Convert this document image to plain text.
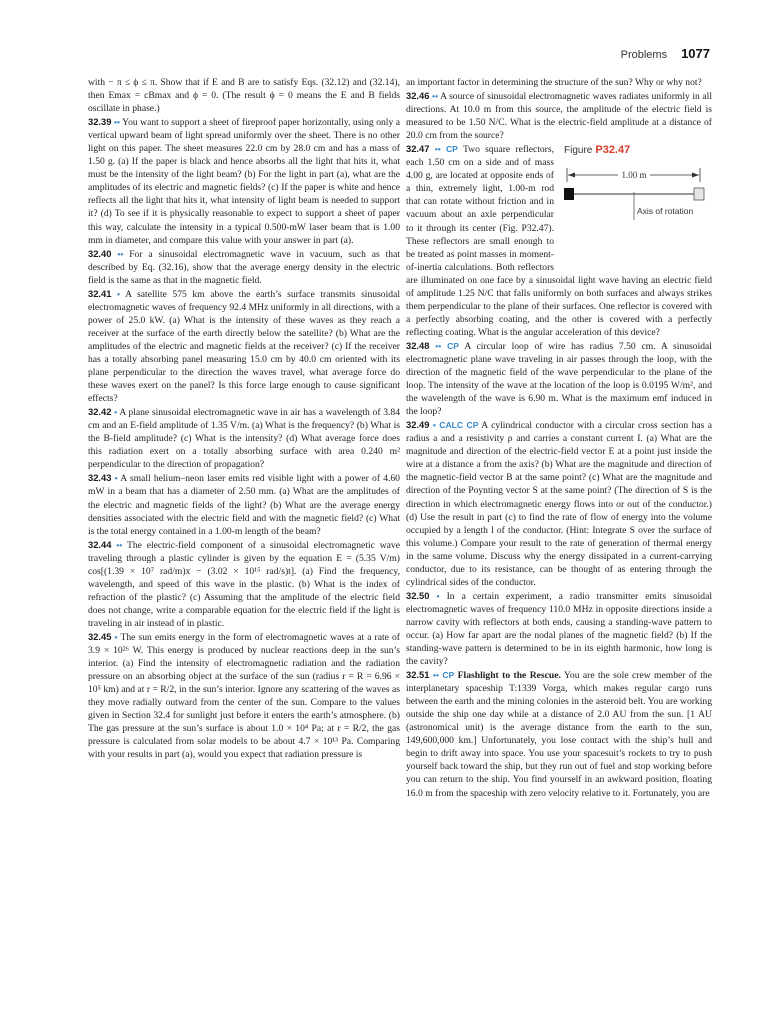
Problems 1077

with − π ≤ ϕ ≤ π. Show that if E and B are to satisfy Eqs. (32.12) and (32.14), then Emax = cBmax and ϕ = 0. (The result ϕ = 0 means the E and B fields oscillate in phase.)

32.39 •• You want to support a sheet of fireproof paper horizontally, using only a vertical upward beam of light spread uniformly over the sheet. There is no other light on this paper. The sheet measures 22.0 cm by 28.0 cm and has a mass of 1.50 g. (a) If the paper is black and hence absorbs all the light that hits it, what must be the intensity of the light beam? (b) For the light in part (a), what are the amplitudes of its electric and magnetic fields? (c) If the paper is white and hence reflects all the light that hits it, what intensity of light beam is needed to support it? (d) To see if it is physically reasonable to expect to support a sheet of paper this way, calculate the intensity in a typical 0.500-mW laser beam that is 1.00 mm in diameter, and compare this value with your answer in part (a).

32.40 •• For a sinusoidal electromagnetic wave in vacuum, such as that described by Eq. (32.16), show that the average energy density in the electric field is the same as that in the magnetic field.

32.41 • A satellite 575 km above the earth’s surface transmits sinusoidal electromagnetic waves of frequency 92.4 MHz uniformly in all directions, with a power of 25.0 kW. (a) What is the intensity of these waves as they reach a receiver at the surface of the earth directly below the satellite? (b) What are the amplitudes of the electric and magnetic fields at the receiver? (c) If the receiver has a totally absorbing panel measuring 15.0 cm by 40.0 cm oriented with its plane perpendicular to the direction the waves travel, what average force do these waves exert on the panel? Is this force large enough to cause significant effects?

32.42 • A plane sinusoidal electromagnetic wave in air has a wavelength of 3.84 cm and an E-field amplitude of 1.35 V/m. (a) What is the frequency? (b) What is the B-field amplitude? (c) What is the intensity? (d) What average force does this radiation exert on a totally absorbing surface with area 0.240 m² perpendicular to the direction of propagation?

32.43 • A small helium–neon laser emits red visible light with a power of 4.60 mW in a beam that has a diameter of 2.50 mm. (a) What are the amplitudes of the electric and magnetic fields of the light? (b) What are the average energy densities associated with the electric field and with the magnetic field? (c) What is the total energy contained in a 1.00-m length of the beam?

32.44 •• The electric-field component of a sinusoidal electromagnetic wave traveling through a plastic cylinder is given by the equation E = (5.35 V/m) cos[(1.39 × 10⁷ rad/m)x − (3.02 × 10¹⁵ rad/s)t]. (a) Find the frequency, wavelength, and speed of this wave in the plastic. (b) What is the index of refraction of the plastic? (c) Assuming that the amplitude of the electric field does not change, write a comparable equation for the electric field if the light is traveling in air instead of in plastic.

32.45 • The sun emits energy in the form of electromagnetic waves at a rate of 3.9 × 10²⁶ W. This energy is produced by nuclear reactions deep in the sun’s interior. (a) Find the intensity of electromagnetic radiation and the radiation pressure on an absorbing object at the surface of the sun (radius r = R = 6.96 × 10⁵ km) and at r = R/2, in the sun’s interior. Ignore any scattering of the waves as they move radially outward from the center of the sun. Compare to the values given in Section 32.4 for sunlight just before it enters the earth’s atmosphere. (b) The gas pressure at the sun’s surface is about 1.0 × 10⁴ Pa; at r = R/2, the gas pressure is calculated from solar models to be about 4.7 × 10¹³ Pa. Comparing with your results in part (a), would you expect that radiation pressure is

an important factor in determining the structure of the sun? Why or why not?

32.46 •• A source of sinusoidal electromagnetic waves radiates uniformly in all directions. At 10.0 m from this source, the amplitude of the electric field is measured to be 1.50 N/C. What is the electric-field amplitude at a distance of 20.0 cm from the source?

Figure P32.47
1.00 m
Axis of rotation

32.47 •• CP Two square reflectors, each 1.50 cm on a side and of mass 4.00 g, are located at opposite ends of a thin, extremely light, 1.00-m rod that can rotate without friction and in vacuum about an axle perpendicular to it through its center (Fig. P32.47). These reflectors are small enough to be treated as point masses in moment-of-inertia calculations. Both reflectors are illuminated on one face by a sinusoidal light wave having an electric field of amplitude 1.25 N/C that falls uniformly on both surfaces and always strikes them perpendicular to the plane of their surfaces. One reflector is covered with a perfectly absorbing coating, and the other is covered with a perfectly reflecting coating. What is the angular acceleration of this device?

32.48 •• CP A circular loop of wire has radius 7.50 cm. A sinusoidal electromagnetic plane wave traveling in air passes through the loop, with the direction of the magnetic field of the wave perpendicular to the plane of the loop. The intensity of the wave at the location of the loop is 0.0195 W/m², and the wavelength of the wave is 6.90 m. What is the maximum emf induced in the loop?

32.49 • CALC CP A cylindrical conductor with a circular cross section has a radius a and a resistivity ρ and carries a constant current I. (a) What are the magnitude and direction of the electric-field vector E at a point just inside the wire at a distance a from the axis? (b) What are the magnitude and direction of the magnetic-field vector B at the same point? (c) What are the magnitude and direction of the Poynting vector S at the same point? (The direction of S is the direction in which electromagnetic energy flows into or out of the conductor.) (d) Use the result in part (c) to find the rate of flow of energy into the volume occupied by a length l of the conductor. (Hint: Integrate S over the surface of this volume.) Compare your result to the rate of generation of thermal energy in the same volume. Discuss why the energy dissipated in a current-carrying conductor, due to its resistance, can be thought of as entering through the cylindrical sides of the conductor.

32.50 • In a certain experiment, a radio transmitter emits sinusoidal electromagnetic waves of frequency 110.0 MHz in opposite directions inside a narrow cavity with reflectors at both ends, causing a standing-wave pattern to occur. (a) How far apart are the nodal planes of the magnetic field? (b) If the standing-wave pattern is determined to be in its eighth harmonic, how long is the cavity?

32.51 •• CP Flashlight to the Rescue. You are the sole crew member of the interplanetary spaceship T:1339 Vorga, which makes regular cargo runs between the earth and the mining colonies in the asteroid belt. You are working outside the ship one day while at a distance of 2.0 AU from the sun. [1 AU (astronomical unit) is the average distance from the earth to the sun, 149,600,000 km.] Unfortunately, you lose contact with the ship’s hull and begin to drift away into space. You use your spacesuit’s rockets to try to push yourself back toward the ship, but they run out of fuel and stop working before you can return to the ship. You find yourself in an awkward position, floating 16.0 m from the spaceship with zero velocity relative to it. Fortunately, you are
